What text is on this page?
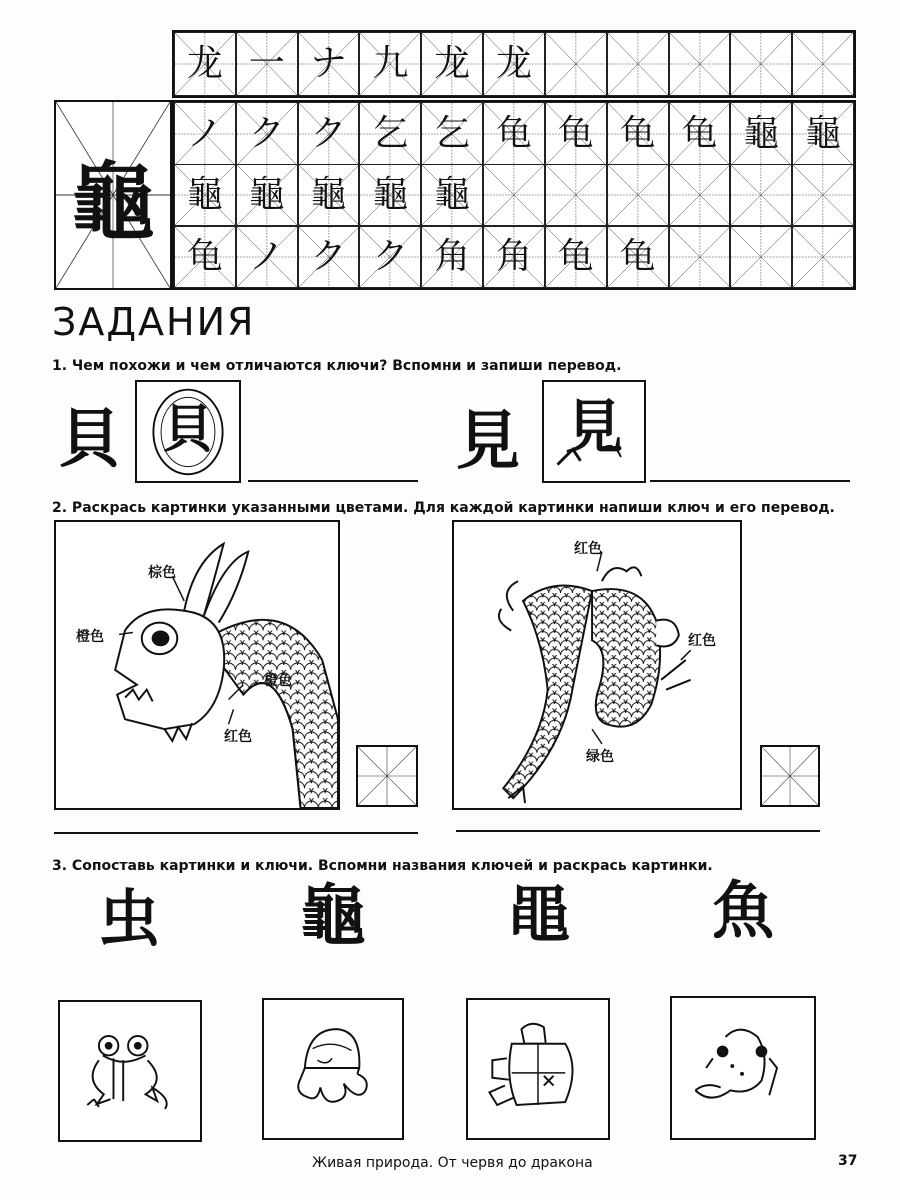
龙 一 ナ 九 龙 龙
龜
ノ ク ク 乞 乞 龟 龟 龟 龟 龜 龜
龜 龜 龜 龜 龜
龟 ノ ク ク 角 角 龟 龟
ЗАДАНИЯ
1. Чем похожи и чем отличаются ключи? Вспомни и запиши перевод.
貝 貝	見 見
2. Раскрась картинки указанными цветами. Для каждой картинки напиши ключ и его перевод.
棕色
橙色
橙色
红色
红色
红色
绿色
3. Сопоставь картинки и ключи. Вспомни названия ключей и раскрась картинки.
虫 龜 黽 魚
Живая природа. От червя до дракона	37
